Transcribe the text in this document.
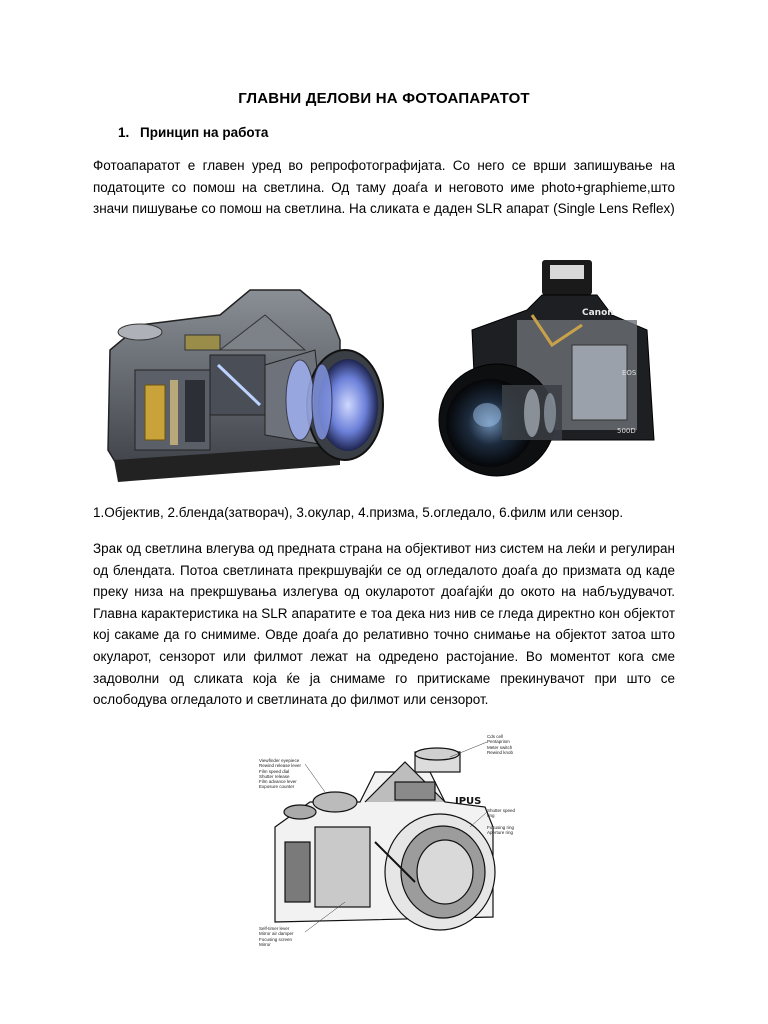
ГЛАВНИ ДЕЛОВИ НА ФОТОАПАРАТОТ
1. Принцип на работа
Фотоапаратот е главен уред во репрофотографијата. Со него се врши запишување на податоците со помош на светлина. Од таму доаѓа и неговото име photo+graphieme,што значи пишување со помош на светлина. На сликата е даден SLR апарат (Single Lens Reflex)
Canon
EOS
500D
1.Објектив, 2.бленда(затворач), 3.окулар, 4.призма, 5.огледало, 6.филм или сензор.
Зрак од светлина влегува од предната страна на објективот низ систем на леќи и регулиран од блендата. Потоа светлината прекршувајќи се од огледалото доаѓа до призмата од каде преку низа на прекршувања излегува од окуларотот доаѓајќи до окото на набљудувачот. Главна карактеристика на SLR апаратите е тоа дека низ нив се гледа директно кон објектот кој сакаме да го снимиме. Овде доаѓа до релативно точно снимање на објектот затоа што окуларот, сензорот или филмот лежат на одредено растојание. Во моментот кога сме задоволни од сликата која ќе ја снимаме го притискаме прекинувачот при што се ослободува огледалото и светлината до филмот или сензорот.
IPUS
Viewfinder eyepiece
Rewind release lever
Film speed dial
Shutter release
Film advance lever
Exposure counter
Self-timer lever
Mirror air damper
Focusing screen
Mirror
Cds cell
Pentaprism
Meter switch
Rewind knob
Shutter speed ring
Focusing ring
Aperture ring
